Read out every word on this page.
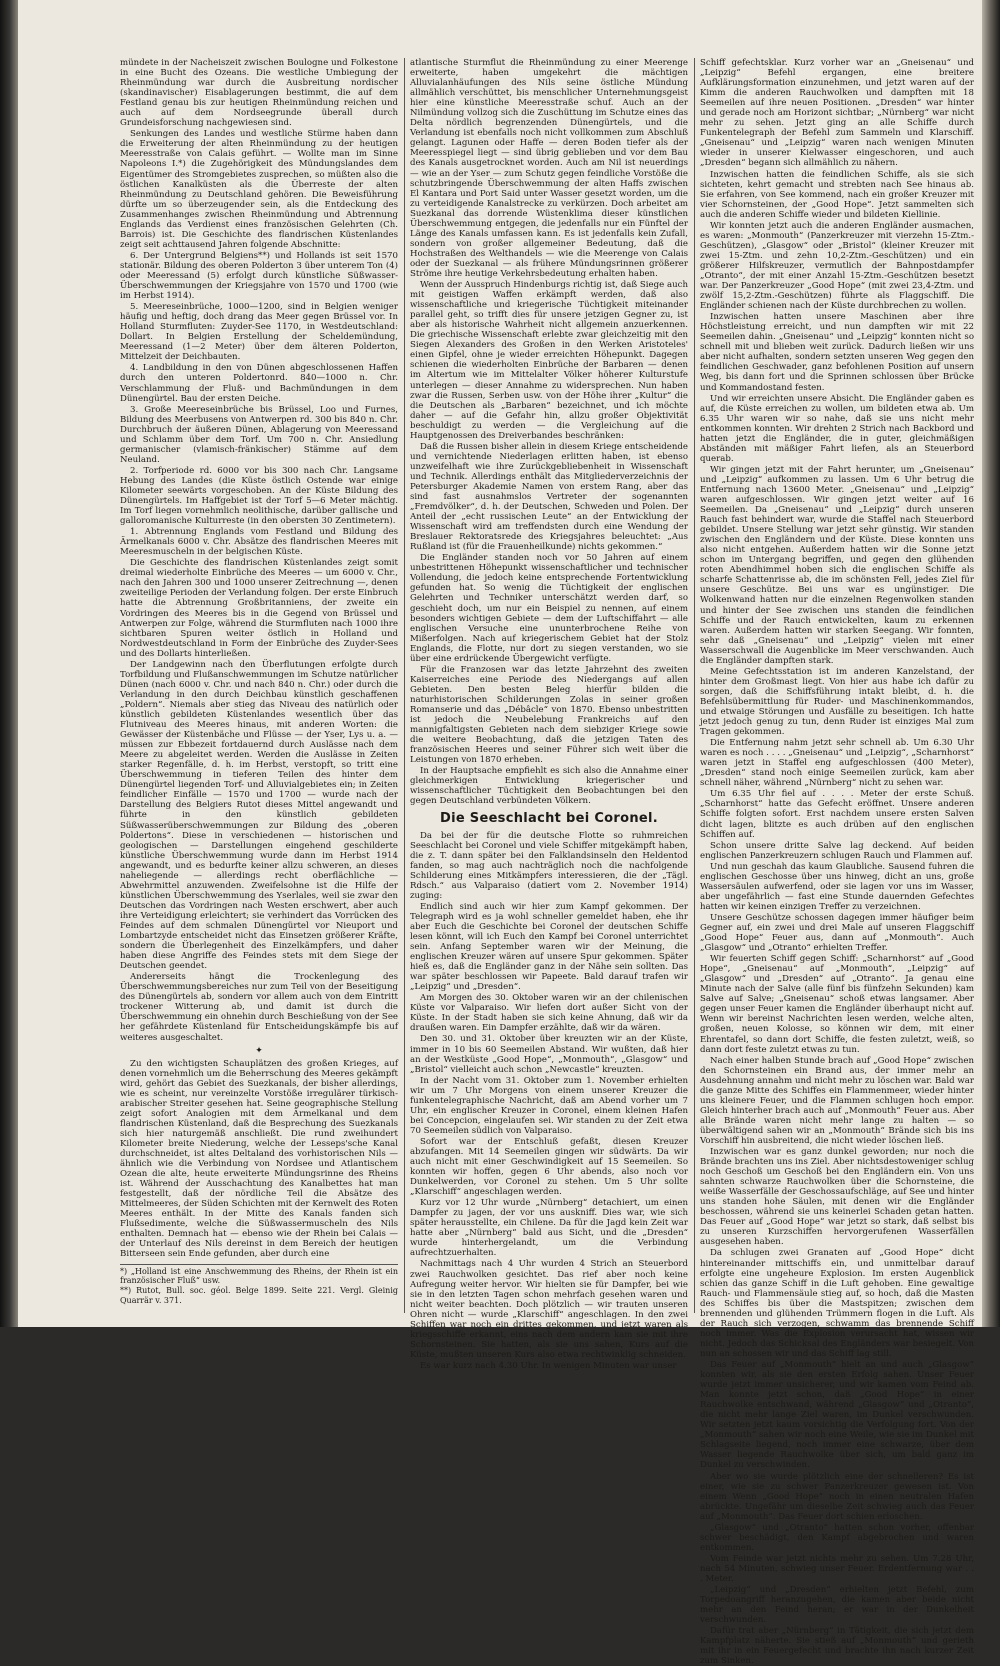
mündete in der Nacheiszeit zwischen Boulogne und Folkestone in eine Bucht des Ozeans. Die westliche Umbiegung der Rheinmündung war durch die Ausbreitung nordischer (skandinavischer) Eisablagerungen bestimmt, die auf dem Festland genau bis zur heutigen Rheinmündung reichen und auch auf dem Nordseegrunde überall durch Grundeisforschung nachgewiesen sind.

Senkungen des Landes und westliche Stürme haben dann die Erweiterung der alten Rheinmündung zu der heutigen Meeresstraße von Calais geführt. — Wollte man im Sinne Napoleons I.*) die Zugehörigkeit des Mündungslandes dem Eigentümer des Stromgebietes zusprechen, so müßten also die östlichen Kanalküsten als die Überreste der alten Rheinmündung zu Deutschland gehören. Die Beweisführung dürfte um so überzeugender sein, als die Entdeckung des Zusammenhanges zwischen Rheinmündung und Abtrennung Englands das Verdienst eines französischen Gelehrten (Ch. Barrois) ist. Die Geschichte des flandrischen Küstenlandes zeigt seit achttausend Jahren folgende Abschnitte:

6. Der Untergrund Belgiens**) und Hollands ist seit 1570 stationär. Bildung des oberen Polderton 3 über unterem Ton (4) oder Meeressand (5) erfolgt durch künstliche Süßwasser-Überschwemmungen der Kriegsjahre von 1570 und 1700 (wie im Herbst 1914).

5. Meereseinbrüche, 1000—1200, sind in Belgien weniger häufig und heftig, doch drang das Meer gegen Brüssel vor. In Holland Sturmfluten: Zuyder-See 1170, in Westdeutschland: Dollart. In Belgien Erstellung der Scheldemündung, Meeressand (1—2 Meter) über dem älteren Polderton, Mittelzeit der Deichbauten.

4. Landbildung in den von Dünen abgeschlossenen Haffen durch den unteren Poldertonrd. 840—1000 n. Chr. Verschlammung der Fluß- und Bachmündungen in dem Dünengürtel. Bau der ersten Deiche.

3. Große Meereseinbrüche bis Brüssel, Loo und Furnes, Bildung des Meerbusens von Antwerpen rd. 300 bis 840 n. Chr. Durchbruch der äußeren Dünen, Ablagerung von Meeressand und Schlamm über dem Torf. Um 700 n. Chr. Ansiedlung germanischer (vlamisch-fränkischer) Stämme auf dem Neuland.

2. Torfperiode rd. 6000 vor bis 300 nach Chr. Langsame Hebung des Landes (die Küste östlich Ostende war einige Kilometer seewärts vorgeschoben. An der Küste Bildung des Dünengürtels. Im Haffgebiet ist der Torf 5—6 Meter mächtig. Im Torf liegen vornehmlich neolithische, darüber gallische und galloromanische Kulturreste (in den obersten 30 Zentimetern).

1. Abtrennung Englands vom Festland und Bildung des Ärmelkanals 6000 v. Chr. Absätze des flandrischen Meeres mit Meeresmuscheln in der belgischen Küste.

Die Geschichte des flandrischen Küstenlandes zeigt somit dreimal wiederholte Einbrüche des Meeres — um 6000 v. Chr., nach den Jahren 300 und 1000 unserer Zeitrechnung —, denen zweiteilige Perioden der Verlandung folgen. Der erste Einbruch hatte die Abtrennung Großbritanniens, der zweite ein Vordringen des Meeres bis in die Gegend von Brüssel und Antwerpen zur Folge, während die Sturmfluten nach 1000 ihre sichtbaren Spuren weiter östlich in Holland und Nordwestdeutschland in Form der Einbrüche des Zuyder-Sees und des Dollarts hinterließen.

Der Landgewinn nach den Überflutungen erfolgte durch Torfbildung und Flußanschwemmungen im Schutze natürlicher Dünen (nach 6000 v. Chr. und nach 840 n. Chr.) oder durch die Verlandung in den durch Deichbau künstlich geschaffenen „Poldern“. Niemals aber stieg das Niveau des natürlich oder künstlich gebildeten Küstenlandes wesentlich über das Flutniveau des Meeres hinaus, mit anderen Worten: die Gewässer der Küstenbäche und Flüsse — der Yser, Lys u. a. — müssen zur Ebbezeit fortdauernd durch Auslässe nach dem Meere zu abgeleitet werden. Werden die Auslässe in Zeiten starker Regenfälle, d. h. im Herbst, verstopft, so tritt eine Überschwemmung in tieferen Teilen des hinter dem Dünengürtel liegenden Torf- und Alluvialgebietes ein; in Zeiten feindlicher Einfälle — 1570 und 1700 — wurde nach der Darstellung des Belgiers Rutot dieses Mittel angewandt und führte in den künstlich gebildeten Süßwasserüberschwemmungen zur Bildung des „oberen Poldertons“. Diese in verschiedenen — historischen und geologischen — Darstellungen eingehend geschilderte künstliche Überschwemmung wurde dann im Herbst 1914 angewandt, und es bedurfte keiner allzu schweren, an dieses naheliegende — allerdings recht oberflächliche — Abwehrmittel anzuwenden. Zweifelsohne ist die Hilfe der künstlichen Überschwemmung des Yserlales, weil sie zwar den Deutschen das Vordringen nach Westen erschwert, aber auch ihre Verteidigung erleichtert; sie verhindert das Vorrücken des Feindes auf dem schmalen Dünengürtel vor Nieuport und Lombartzyde entscheidet nicht das Einsetzen größerer Kräfte, sondern die Überlegenheit des Einzelkämpfers, und daher haben diese Angriffe des Feindes stets mit dem Siege der Deutschen geendet.

Andererseits hängt die Trockenlegung des Überschwemmungsbereiches nur zum Teil von der Beseitigung des Dünengürtels ab, sondern vor allem auch von dem Eintritt trockener Witterung ab, und damit ist durch die Überschwemmung ein ohnehin durch Beschießung von der See her gefährdete Küstenland für Entscheidungskämpfe bis auf weiteres ausgeschaltet.

✦

Zu den wichtigsten Schauplätzen des großen Krieges, auf denen vornehmlich um die Beherrschung des Meeres gekämpft wird, gehört das Gebiet des Suezkanals, der bisher allerdings, wie es scheint, nur vereinzelte Vorstöße irregulärer türkisch-arabischer Streiter gesehen hat. Seine geographische Stellung zeigt sofort Analogien mit dem Ärmelkanal und dem flandrischen Küstenland, daß die Besprechung des Suezkanals sich hier naturgemäß anschließt. Die rund zweihundert Kilometer breite Niederung, welche der Lesseps'sche Kanal durchschneidet, ist altes Deltaland des vorhistorischen Nils — ähnlich wie die Verbindung von Nordsee und Atlantischem Ozean die alte, heute erweiterte Mündungsrinne des Rheins ist. Während der Ausschachtung des Kanalbettes hat man festgestellt, daß der nördliche Teil die Absätze des Mittelmeeres, der Süden Schichten mit der Kernwelt des Roten Meeres enthält. In der Mitte des Kanals fanden sich Flußsedimente, welche die Süßwassermuscheln des Nils enthalten. Demnach hat — ebenso wie der Rhein bei Calais — der Unterlauf des Nils dereinst in dem Bereich der heutigen Bitterseen sein Ende gefunden, aber durch eine

*) „Holland ist eine Anschwemmung des Rheins, der Rhein ist ein französischer Fluß“ usw.

**) Rutot, Bull. soc. géol. Belge 1899. Seite 221. Vergl. Gleinig Quarrär v. 371.

atlantische Sturmflut die Rheinmündung zu einer Meerenge erweiterte, haben umgekehrt die mächtigen Alluvialanhäufungen des Nils seine östliche Mündung allmählich verschüttet, bis menschlicher Unternehmungsgeist hier eine künstliche Meeresstraße schuf. Auch an der Nilmündung vollzog sich die Zuschüttung im Schutze eines das Delta nördlich begrenzenden Dünengürtels, und die Verlandung ist ebenfalls noch nicht vollkommen zum Abschluß gelangt. Lagunen oder Haffe — deren Boden tiefer als der Meeresspiegel liegt — sind übrig geblieben und vor dem Bau des Kanals ausgetrocknet worden. Auch am Nil ist neuerdings — wie an der Yser — zum Schutz gegen feindliche Vorstöße die schutzbringende Überschwemmung der alten Haffs zwischen El Kantara und Port Said unter Wasser gesetzt worden, um die zu verteidigende Kanalstrecke zu verkürzen. Doch arbeitet am Suezkanal das dorrende Wüstenklima dieser künstlichen Überschwemmung entgegen, die jedenfalls nur ein Fünftel der Länge des Kanals umfassen kann. Es ist jedenfalls kein Zufall, sondern von großer allgemeiner Bedeutung, daß die Hochstraßen des Welthandels — wie die Meerenge von Calais oder der Suezkanal — als frühere Mündungsrinnen größerer Ströme ihre heutige Verkehrsbedeutung erhalten haben.

Wenn der Ausspruch Hindenburgs richtig ist, daß Siege auch mit geistigen Waffen erkämpft werden, daß also wissenschaftliche und kriegerische Tüchtigkeit miteinander parallel geht, so trifft dies für unsere jetzigen Gegner zu, ist aber als historische Wahrheit nicht allgemein anzuerkennen. Die griechische Wissenschaft erlebte zwar gleichzeitig mit den Siegen Alexanders des Großen in den Werken Aristoteles' einen Gipfel, ohne je wieder erreichten Höhepunkt. Dagegen schienen die wiederholten Einbrüche der Barbaren — denen im Altertum wie im Mittelalter Völker höherer Kulturstufe unterlegen — dieser Annahme zu widersprechen. Nun haben zwar die Russen, Serben usw. von der Höhe ihrer „Kultur“ die die Deutschen als „Barbaren“ bezeichnet, und ich möchte daher — auf die Gefahr hin, allzu großer Objektivität beschuldigt zu werden — die Vergleichung auf die Hauptgenossen des Dreiverbandes beschränken:

Daß die Russen bisher allein in diesem Kriege entscheidende und vernichtende Niederlagen erlitten haben, ist ebenso unzweifelhaft wie ihre Zurückgebliebenheit in Wissenschaft und Technik. Allerdings enthält das Mitgliederverzeichnis der Petersburger Akademie Namen von erstem Rang, aber das sind fast ausnahmslos Vertreter der sogenannten „Fremdvölker“, d. h. der Deutschen, Schweden und Polen. Der Anteil der „echt russischen Leute“ an der Entwicklung der Wissenschaft wird am treffendsten durch eine Wendung der Breslauer Rektoratsrede des Kriegsjahres beleuchtet: „Aus Rußland ist (für die Frauenheilkunde) nichts gekommen.“

Die Engländer standen noch vor 50 Jahren auf einem unbestrittenen Höhepunkt wissenschaftlicher und technischer Vollendung, die jedoch keine entsprechende Fortentwicklung gefunden hat. So wenig die Tüchtigkeit der englischen Gelehrten und Techniker unterschätzt werden darf, so geschieht doch, um nur ein Beispiel zu nennen, auf einem besonders wichtigen Gebiete — dem der Luftschiffahrt — alle englischen Versuche eine ununterbrochene Reihe von Mißerfolgen. Nach auf kriegerischem Gebiet hat der Stolz Englands, die Flotte, nur dort zu siegen verstanden, wo sie über eine erdrückende Übergewicht verfügte.

Für die Franzosen war das letzte Jahrzehnt des zweiten Kaiserreiches eine Periode des Niedergangs auf allen Gebieten. Den besten Beleg hierfür bilden die naturhistorischen Schilderungen Zolas in seiner großen Romanserie und das „Débâcle“ von 1870. Ebenso unbestritten ist jedoch die Neubelebung Frankreichs auf den mannigfaltigsten Gebieten nach dem siebziger Kriege sowie die weitere Beobachtung, daß die jetzigen Taten des französischen Heeres und seiner Führer sich weit über die Leistungen von 1870 erheben.

In der Hauptsache empfiehlt es sich also die Annahme einer gleichmerkigen Entwicklung kriegerischer und wissenschaftlicher Tüchtigkeit den Beobachtungen bei den gegen Deutschland verbündeten Völkern.

Die Seeschlacht bei Coronel.

Da bei der für die deutsche Flotte so ruhmreichen Seeschlacht bei Coronel und viele Schiffer mitgekämpft haben, die z. T. dann später bei den Falklandsinseln den Heldentod fanden, so mag auch nachträglich noch die nachfolgende Schilderung eines Mitkämpfers interessieren, die der „Tägl. Rdsch.“ aus Valparaiso (datiert vom 2. November 1914) zuging:

Endlich sind auch wir hier zum Kampf gekommen. Der Telegraph wird es ja wohl schneller gemeldet haben, ehe ihr aber Euch die Geschichte bei Coronel der deutschen Schiffe lesen könnt, will ich Euch den Kampf bei Coronel unterrichtet sein. Anfang September waren wir der Meinung, die englischen Kreuzer wären auf unsere Spur gekommen. Später hieß es, daß die Engländer ganz in der Nähe sein sollten. Das war später beschlossen wir Papeete. Bald darauf trafen wir „Leipzig“ und „Dresden“.

Am Morgen des 30. Oktober waren wir an der chilenischen Küste vor Valparaiso. Wir liefen dort außer Sicht von der Küste. In der Stadt haben sie sich keine Ahnung, daß wir da draußen waren. Ein Dampfer erzählte, daß wir da wären.

Den 30. und 31. Oktober über kreuzten wir an der Küste, immer in 10 bis 60 Seemeilen Abstand. Wir wußten, daß hier an der Westküste „Good Hope“, „Monmouth“, „Glasgow“ und „Bristol“ vielleicht auch schon „Newcastle“ kreuzten.

In der Nacht vom 31. Oktober zum 1. November erhielten wir um 7 Uhr Morgens von einem unserer Kreuzer die funkentelegraphische Nachricht, daß am Abend vorher um 7 Uhr, ein englischer Kreuzer in Coronel, einem kleinen Hafen bei Concepcion, eingelaufen sei. Wir standen zu der Zeit etwa 70 Seemeilen südlich von Valparaiso.

Sofort war der Entschluß gefaßt, diesen Kreuzer abzufangen. Mit 14 Seemeilen gingen wir südwärts. Da wir auch nicht mit einer Geschwindigkeit auf 15 Seemeilen. So konnten wir hoffen, gegen 6 Uhr abends, also noch vor Dunkelwerden, vor Coronel zu stehen. Um 5 Uhr sollte „Klarschiff“ angeschlagen werden.

Kurz vor 12 Uhr wurde „Nürnberg“ detachiert, um einen Dampfer zu jagen, der vor uns auskniff. Dies war, wie sich später herausstellte, ein Chilene. Da für die Jagd kein Zeit war hatte aber „Nürnberg“ bald aus Sicht, und die „Dresden“ wurde hinterhergelandt, um die Verbindung aufrechtzuerhalten.

Nachmittags nach 4 Uhr wurden 4 Strich an Steuerbord zwei Rauchwolken gesichtet. Das rief aber noch keine Aufregung weiter hervor. Wir hielten sie für Dampfer, bei wie sie in den letzten Tagen schon mehrfach gesehen waren und nicht weiter beachten. Doch plötzlich — wir trauten unseren Ohren nicht — wurde „Klarschiff“ angeschlagen. In den zwei Schiffen war noch ein drittes gekommen, und jetzt waren als kriegsschiffe erkannt, eins nach dem andern kam sie mit ihre Schornsteinen. Sie hatten, als sie uns sahen, Kurs auf die Küste, mußten unseren Kurs also etwa rechtwinklig schneiden.

Es war kurz nach 4.30 Uhr. In wenigen Minuten war unser

Schiff gefechtsklar. Kurz vorher war an „Gneisenau“ und „Leipzig“ Befehl ergangen, eine breitere Aufklärungsformation einzunehmen, und jetzt waren auf der Kimm die anderen Rauchwolken und dampften mit 18 Seemeilen auf ihre neuen Positionen. „Dresden“ war hinter und gerade noch am Horizont sichtbar; „Nürnberg“ war nicht mehr zu sehen. Jetzt ging an alle Schiffe durch Funkentelegraph der Befehl zum Sammeln und Klarschiff. „Gneisenau“ und „Leipzig“ waren nach wenigen Minuten wieder in unserer Kielwasser eingeschoren, und auch „Dresden“ begann sich allmählich zu nähern.

Inzwischen hatten die feindlichen Schiffe, als sie sich sichteten, kehrt gemacht und strebten nach See hinaus ab. Sie erfahren, von See kommend, nach ein großer Kreuzer mit vier Schornsteinen, der „Good Hope“. Jetzt sammelten sich auch die anderen Schiffe wieder und bildeten Kiellinie.

Wir konnten jetzt auch die anderen Engländer ausmachen, es waren: „Monmouth“ (Panzerkreuzer mit vierzehn 15-Ztm.-Geschützen), „Glasgow“ oder „Bristol“ (kleiner Kreuzer mit zwei 15-Ztm. und zehn 10,2-Ztm.-Geschützen) und ein größerer Hilfskreuzer, vermutlich der Bahnpostdampfer „Otranto“, der mit einer Anzahl 15-Ztm.-Geschützen besetzt war. Der Panzerkreuzer „Good Hope“ (mit zwei 23,4-Ztm. und zwölf 15,2-Ztm.-Geschützen) führte als Flaggschiff. Die Engländer schienen nach der Küste durchbrechen zu wollen.

Inzwischen hatten unsere Maschinen aber ihre Höchstleistung erreicht, und nun dampften wir mit 22 Seemeilen dahin. „Gneisenau“ und „Leipzig“ konnten nicht so schnell mit und blieben weit zurück. Dadurch ließen wir uns aber nicht aufhalten, sondern setzten unseren Weg gegen den feindlichen Geschwader, ganz befohlenen Position auf unsern Weg, bis dann fort und die Sprinnen schlossen über Brücke und Kommandostand festen.

Und wir erreichten unsere Absicht. Die Engländer gaben es auf, die Küste erreichen zu wollen, um bildeten etwa ab. Um 6.35 Uhr waren wir so nahe, daß sie uns nicht mehr entkommen konnten. Wir drehten 2 Strich nach Backbord und hatten jetzt die Engländer, die in guter, gleichmäßigen Abständen mit mäßiger Fahrt liefen, als an Steuerbord querab.

Wir gingen jetzt mit der Fahrt herunter, um „Gneisenau“ und „Leipzig“ aufkommen zu lassen. Um 6 Uhr betrug die Entfernung nach 13600 Meter. „Gneisenau“ und „Leipzig“ waren aufgeschlossen. Wir gingen jetzt weiter auf 16 Seemeilen. Da „Gneisenau“ und „Leipzig“ durch unseren Rauch fast behindert war, wurde die Staffel nach Steuerbord gebildet. Unsere Stellung war jetzt sehr günstig. Wir standen zwischen den Engländern und der Küste. Diese konnten uns also nicht entgehen. Außerdem hatten wir die Sonne jetzt schon im Untergang begriffen, und gegen den glühenden roten Abendhimmel hoben sich die englischen Schiffe als scharfe Schattenrisse ab, die im schönsten Fell, jedes Ziel für unsere Geschütze. Bei uns war es ungünstiger. Die Wolkenwand hatten nur die einzelnen Regenwolken standen und hinter der See zwischen uns standen die feindlichen Schiffe und der Rauch entwickelten, kaum zu erkennen waren. Außerdem hatten wir starken Seegang. Wir fonnten, sehr daß „Gneisenau“ und „Leipzig“ vielen mit einer Wasserschwall die Augenblicke im Meer verschwanden. Auch die Engländer dampften stark.

Meine Gefechtsstation ist im anderen Kanzelstand, der hinter dem Großmast liegt. Von hier aus habe ich dafür zu sorgen, daß die Schiffsführung intakt bleibt, d. h. die Befehlsübermittlung für Ruder- und Maschinenkommandos, und etwaige Störungen und Ausfälle zu beseitigen. Ich hatte jetzt jedoch genug zu tun, denn Ruder ist einziges Mal zum Tragen gekommen.

Die Entfernung nahm jetzt sehr schnell ab. Um 6.30 Uhr waren es noch . . . . „Gneisenau“ und „Leipzig“, „Scharnhorst“ waren jetzt in Staffel eng aufgeschlossen (400 Meter), „Dresden“ stand noch einige Seemeilen zurück, kam aber schnell näher, während „Nürnberg“ nicht zu sehen war.

Um 6.35 Uhr fiel auf . . . . Meter der erste Schuß. „Scharnhorst“ hatte das Gefecht eröffnet. Unsere anderen Schiffe folgten sofort. Erst nachdem unsere ersten Salven dicht lagen, blitzte es auch drüben auf den englischen Schiffen auf.

Schon unsere dritte Salve lag deckend. Auf beiden englischen Panzerkreuzern schlugen Rauch und Flammen auf.

Und nun geschah das kaum Glaubliche. Sausend fuhren die englischen Geschosse über uns hinweg, dicht an uns, große Wassersäulen aufwerfend, oder sie lagen vor uns im Wasser, aber ungefährlich — fast eine Stunde dauernden Gefechtes hatten wir keinen einzigen Treffer zu verzeichnen.

Unsere Geschütze schossen dagegen immer häufiger beim Gegner auf, ein zwei und drei Male auf unseren Flaggschiff „Good Hope“ Feuer aus, dann auf „Monmouth“. Auch „Glasgow“ und „Otranto“ erhielten Treffer.

Wir feuerten Schiff gegen Schiff: „Scharnhorst“ auf „Good Hope“, „Gneisenau“ auf „Monmouth“, „Leipzig“ auf „Glasgow“ und „Dresden“ auf „Otranto“. Ja genau eine Minute nach der Salve (alle fünf bis fünfzehn Sekunden) kam Salve auf Salve; „Gneisenau“ schoß etwas langsamer. Aber gegen unser Feuer kamen die Engländer überhaupt nicht auf. Wenn wir bereinst Nachrichten lesen werden, welche alten, großen, neuen Kolosse, so können wir dem, mit einer Ehrentafel, so dann dort Schiffe, die festen zuletzt, weiß, so dann dort feste zuletzt etwas zu tun.

Nach einer halben Stunde brach auf „Good Hope“ zwischen den Schornsteinen ein Brand aus, der immer mehr an Ausdehnung annahm und nicht mehr zu löschen war. Bald war die ganze Mitte des Schiffes ein Flammenmeer, wieder hinter uns kleinere Feuer, und die Flammen schlugen hoch empor. Gleich hinterher brach auch auf „Monmouth“ Feuer aus. Aber alle Brände waren nicht mehr lange zu halten — so überwältigend sahen wir an „Monmouth“ Brände sich bis ins Vorschiff hin ausbreitend, die nicht wieder löschen ließ.

Inzwischen war es ganz dunkel geworden; nur noch die Brände brachten uns ins Ziel. Aber nichtsdestoweniger schlug noch Geschoß um Geschoß bei den Engländern ein. Von uns sahnten schwarze Rauchwolken über die Schornsteine, die weiße Wasserfälle der Geschossaufschläge, auf See und hinter uns standen hohe Säulen, mit denen wir die Engländer beschossen, während sie uns keinerlei Schaden getan hatten. Das Feuer auf „Good Hope“ war jetzt so stark, daß selbst bis zu unseren Kurzschiffen hervorgerufenen Wasserfällen ausgesehen haben.

Da schlugen zwei Granaten auf „Good Hope“ dicht hintereinander mittschiffs ein, und unmittelbar darauf erfolgte eine ungeheure Explosion. Im ersten Augenblick schien das ganze Schiff in die Luft gehoben. Eine gewaltige Rauch- und Flammensäule stieg auf, so hoch, daß die Masten des Schiffes bis über die Mastspitzen; zwischen dem brennenden und glühenden Trümmern flogen in die Luft. Als der Rauch sich verzogen, schwamm das brennende Schiff noch immer. Was die Explosion verursacht hat, wissen wir nicht. Jedoch das Schicksal des Engländers war besiegelt. Von nun an schossen wir und das Schiff lag still.

Das Feuer auf „Monmouth“ hielt an und auch „Glasgow“ konnten wir, als sie den ersten Erfolg sahen. Unser Feuer wurde jetzt immer unsicherer, und wir kamen vom Feind ab. Man konnte jetzt schon, daß „Good Hope“ in einer Rauchwolke entschwand, während „Glasgow“ und „Otranto“, die nicht mehr lange Ziel waren, im Dunkel verschwunden. Wir setzten jetzt kaum vorsichtig die Verfolgung fort. Von der „Monmouth“ sahen wir noch eine Weile, wie sie im Dunkel mit Schlagseite liegend, noch immer eine schwarze, über dem Wasser liegende Rauchwolke über sich, um bald ganz im Dunkel zu verschwinden.

Aber wo sie wurde plötzlich eine der schnelleren? Es ist einer, wie sie zu schwer Panzerkreuzer gewesen ist. Von einem Wenn „Good Hope“ noch in einen neutralen Hafen abrückte. Ungefähr um dieselbe Zeit schwieg auch das Feuer auf „Monmouth“. Das Feuer dort schien erloschen.

„Glasgow“ und „Otranto“ hatten schon vorher, offenbar schwer beschädigt, den Kampf abgebrochen und waren entkommen.

Vom Feinde war jetzt nichts mehr zu sehen. Um 7.28 Uhr, nach 54 Minuten, schwieg unser Feuer. Erdentfernung war . . . Meter.

„Leipzig“ und „Dresden“ erhielten jetzt Befehl, zum Torpedoangriff heranzugehen, die kamen aber beide nicht mehr an den Feind heran; er war in der Dunkelheit verschwunden.

Dafür trat aber „Nürnberg“ in Tätigkeit, die sich jetzt dem Kampfplatz näherte. Sie stieß auf „Monmouth“ und gerieth mit ihr in ein Feuergefecht und brachte ihn nach kurzer Zeit zum Sinken.
